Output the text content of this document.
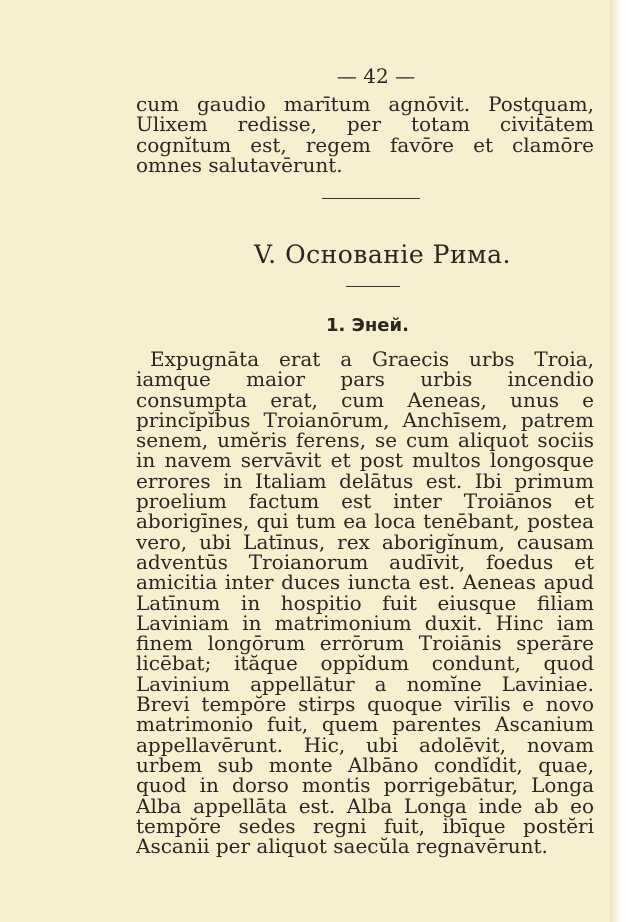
— 42 —

cum gaudio marītum agnōvit. Postquam, Ulixem redisse, per totam civitātem cognĭtum est, regem favōre et clamōre omnes salutavērunt.

V. Основаніе Рима.
1. Эней.

Expugnāta erat a Graecis urbs Troia, iamque maior pars urbis incendio consumpta erat, cum Aeneas, unus e princĭpĭbus Troianōrum, Anchīsem, patrem senem, umĕris ferens, se cum aliquot sociis in navem servāvit et post multos longosque errores in Italiam delātus est. Ibi primum proelium factum est inter Troiānos et aborigīnes, qui tum ea loca tenēbant, postea vero, ubi Latīnus, rex aborigĭnum, causam adventūs Troianorum audīvit, foedus et amicitia inter duces iuncta est. Aeneas apud Latīnum in hospitio fuit eiusque filiam Laviniam in matrimonium duxit. Hinc iam finem longōrum errōrum Troiānis sperāre licēbat; ităque oppĭdum condunt, quod Lavinium appellātur a nomĭne Laviniae. Brevi tempŏre stirps quoque virīlis e novo matrimonio fuit, quem parentes Ascanium appellavērunt. Hic, ubi adolēvit, novam urbem sub monte Albāno condĭdit, quae, quod in dorso montis porrigebātur, Longa Alba appellāta est. Alba Longa inde ab eo tempŏre sedes regni fuit, ibīque postĕri Ascanii per aliquot saecŭla regnavērunt.
